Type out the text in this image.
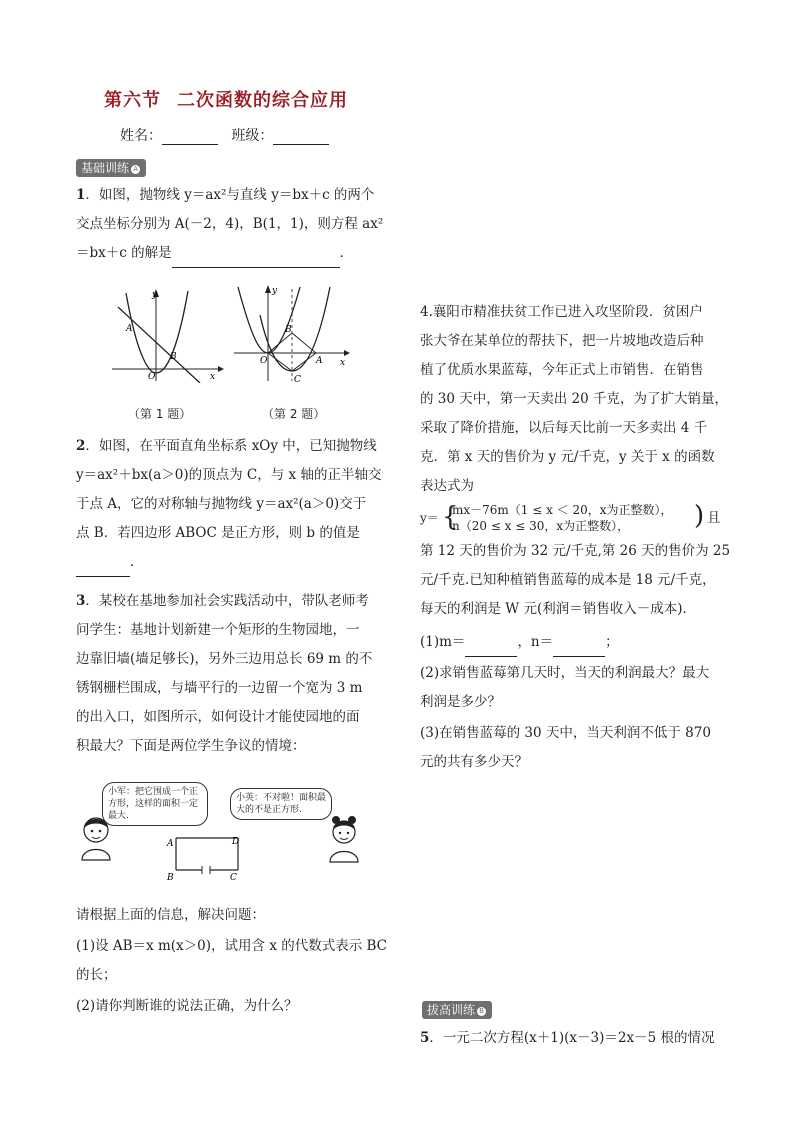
第六节 二次函数的综合应用
姓名：	班级：
基础训练 A
1．如图，抛物线 y＝ax²与直线 y＝bx＋c 的两个
交点坐标分别为 A(－2，4)，B(1，1)，则方程 ax²
＝bx＋c 的解是	．
y
x
O
A
B
（第 1 题）
y
x
O
B
A
C
（第 2 题）
2．如图，在平面直角坐标系 xOy 中，已知抛物线
y＝ax²＋bx(a＞0)的顶点为 C，与 x 轴的正半轴交
于点 A，它的对称轴与抛物线 y＝ax²(a＞0)交于
点 B．若四边形 ABOC 是正方形，则 b 的值是
．
3．某校在基地参加社会实践活动中，带队老师考
问学生：基地计划新建一个矩形的生物园地，一
边靠旧墙(墙足够长)，另外三边用总长 69 m 的不
锈钢栅栏围成，与墙平行的一边留一个宽为 3 m
的出入口，如图所示，如何设计才能使园地的面
积最大？下面是两位学生争议的情境：
小军：把它围成一个正方形，这样的面积一定最大.
小英：不对啦！面积最大的不是正方形.
A
B	C
D
请根据上面的信息，解决问题：
(1)设 AB＝x m(x＞0)，试用含 x 的代数式表示 BC
的长；
(2)请你判断谁的说法正确，为什么？
4.襄阳市精准扶贫工作已进入攻坚阶段．贫困户
张大爷在某单位的帮扶下，把一片坡地改造后种
植了优质水果蓝莓，今年正式上市销售．在销售
的 30 天中，第一天卖出 20 千克，为了扩大销量，
采取了降价措施，以后每天比前一天多卖出 4 千
克．第 x 天的售价为 y 元/千克，y 关于 x 的函数
表达式为
y＝ {
mx－76m（1 ≤ x ＜ 20，x为正整数），
n（20 ≤ x ≤ 30，x为正整数）， ) 且
第 12 天的售价为 32 元/千克,第 26 天的售价为 25
元/千克.已知种植销售蓝莓的成本是 18 元/千克，
每天的利润是 W 元(利润＝销售收入－成本)．
(1)m＝	，n＝	；
(2)求销售蓝莓第几天时，当天的利润最大？最大
利润是多少？
(3)在销售蓝莓的 30 天中，当天利润不低于 870
元的共有多少天？
拔高训练 B
5．一元二次方程(x＋1)(x－3)＝2x－5 根的情况
